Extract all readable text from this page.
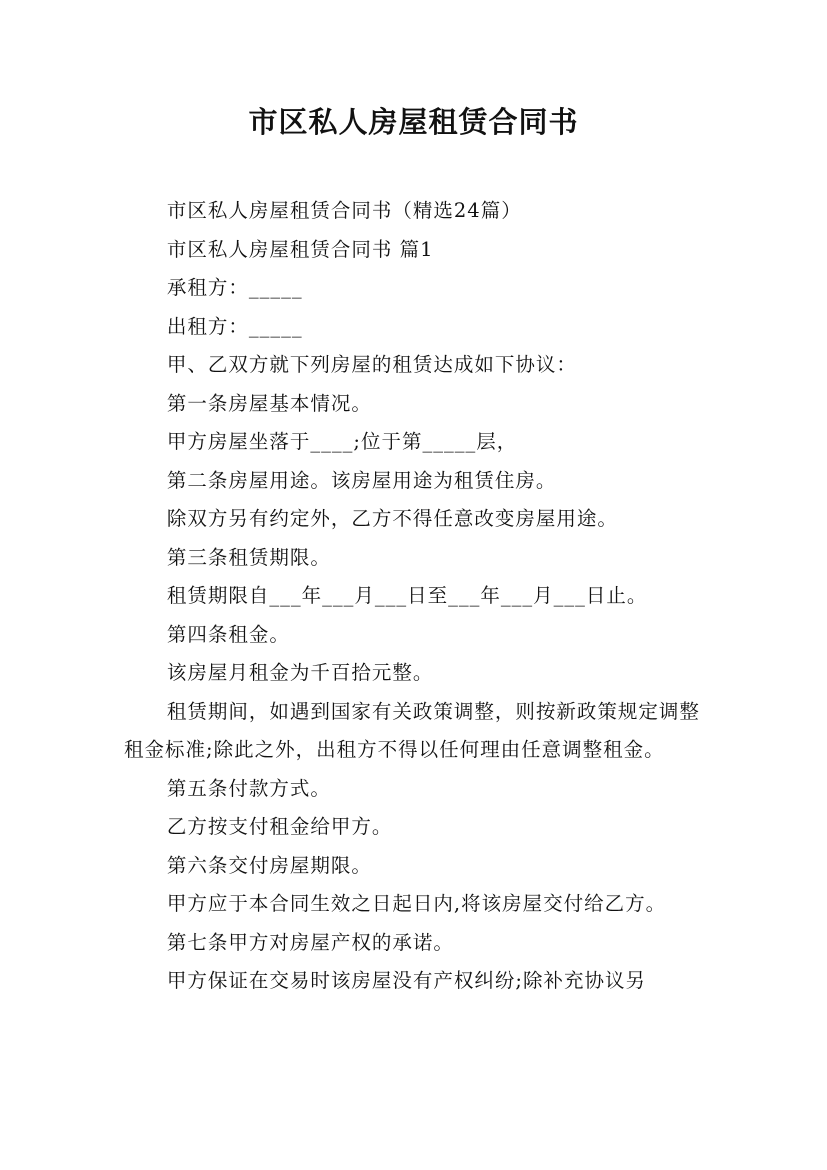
市区私人房屋租赁合同书

市区私人房屋租赁合同书（精选24篇）

市区私人房屋租赁合同书 篇1

承租方：_____

出租方：_____

甲、乙双方就下列房屋的租赁达成如下协议：

第一条房屋基本情况。

甲方房屋坐落于____;位于第_____层，

第二条房屋用途。该房屋用途为租赁住房。

除双方另有约定外，乙方不得任意改变房屋用途。

第三条租赁期限。

租赁期限自___年___月___日至___年___月___日止。

第四条租金。

该房屋月租金为千百拾元整。

租赁期间，如遇到国家有关政策调整，则按新政策规定调整租金标准;除此之外，出租方不得以任何理由任意调整租金。

第五条付款方式。

乙方按支付租金给甲方。

第六条交付房屋期限。

甲方应于本合同生效之日起日内,将该房屋交付给乙方。

第七条甲方对房屋产权的承诺。

甲方保证在交易时该房屋没有产权纠纷;除补充协议另
